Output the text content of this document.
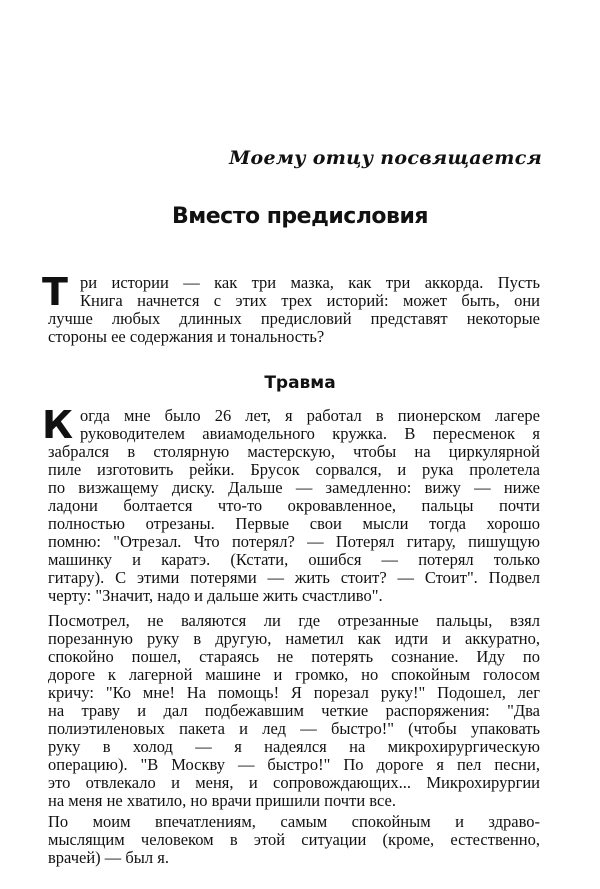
Моему отцу посвящается
Вместо предисловия
Т ри истории — как три мазка, как три аккорда. Пусть
Книга начнется с этих трех историй: может быть, они
лучше любых длинных предисловий представят некоторые
стороны ее содержания и тональность?
Травма
К огда мне было 26 лет, я работал в пионерском лагере
руководителем авиамодельного кружка. В пересменок я
забрался в столярную мастерскую, чтобы на циркулярной
пиле изготовить рейки. Брусок сорвался, и рука пролетела
по визжащему диску. Дальше — замедленно: вижу — ниже
ладони болтается что-то окровавленное, пальцы почти
полностью отрезаны. Первые свои мысли тогда хорошо
помню: "Отрезал. Что потерял? — Потерял гитару, пишущую
машинку и каратэ. (Кстати, ошибся — потерял только
гитару). С этими потерями — жить стоит? — Стоит". Подвел
черту: "Значит, надо и дальше жить счастливо".
Посмотрел, не валяются ли где отрезанные пальцы, взял
порезанную руку в другую, наметил как идти и аккуратно,
спокойно пошел, стараясь не потерять сознание. Иду по
дороге к лагерной машине и громко, но спокойным голосом
кричу: "Ко мне! На помощь! Я порезал руку!" Подошел, лег
на траву и дал подбежавшим четкие распоряжения: "Два
полиэтиленовых пакета и лед — быстро!" (чтобы упаковать
руку в холод — я надеялся на микрохирургическую
операцию). "В Москву — быстро!" По дороге я пел песни,
это отвлекало и меня, и сопровождающих... Микрохирургии
на меня не хватило, но врачи пришили почти все.
По моим впечатлениям, самым спокойным и здраво-
мыслящим человеком в этой ситуации (кроме, естественно,
врачей) — был я.
